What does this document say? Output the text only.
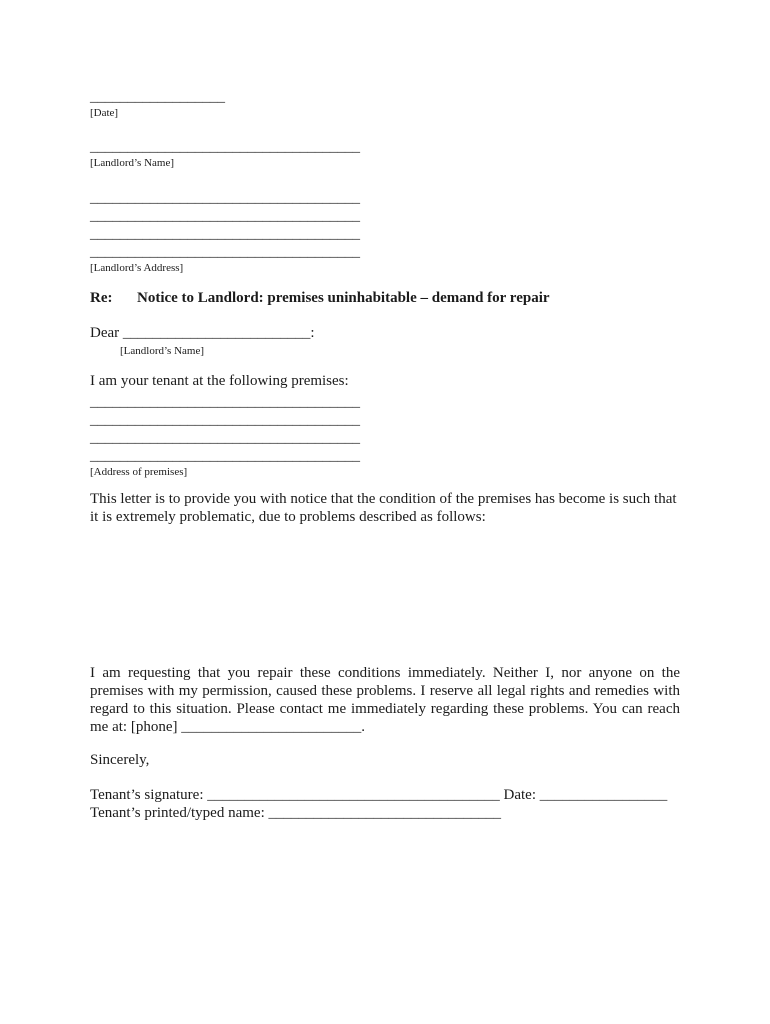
__________________
[Date]
____________________________________
[Landlord’s Name]
____________________________________
____________________________________
____________________________________
____________________________________
[Landlord’s Address]
Re: Notice to Landlord: premises uninhabitable – demand for repair
Dear _________________________:
[Landlord’s Name]
I am your tenant at the following premises:
____________________________________
____________________________________
____________________________________
____________________________________
[Address of premises]
This letter is to provide you with notice that the condition of the premises has become is such that it is extremely problematic, due to problems described as follows:
I am requesting that you repair these conditions immediately. Neither I, nor anyone on the premises with my permission, caused these problems. I reserve all legal rights and remedies with regard to this situation. Please contact me immediately regarding these problems. You can reach me at: [phone] ________________________.
Sincerely,
Tenant’s signature: _______________________________________ Date: _________________
Tenant’s printed/typed name: _______________________________
